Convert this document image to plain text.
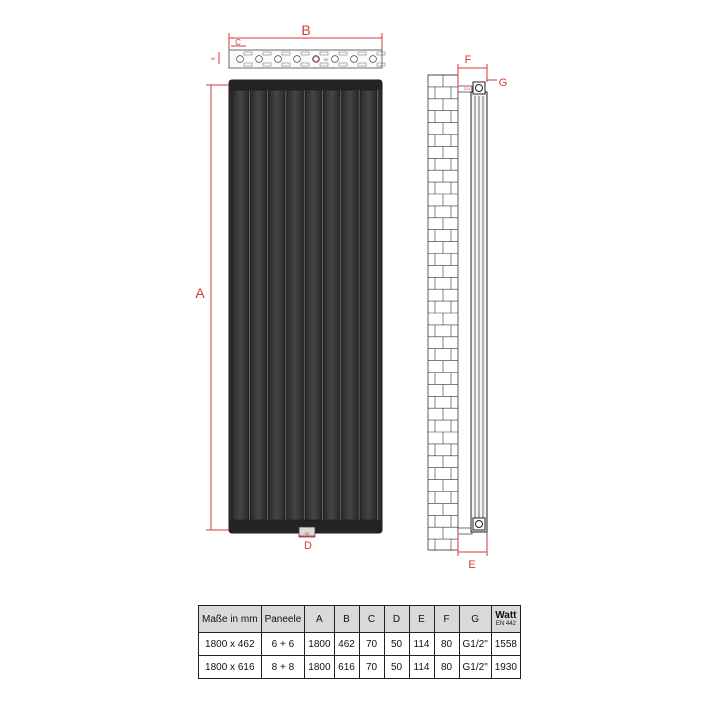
B
C
50	50
A
50
D
F
G
G1/2
E
Maße in mm	Paneele	A	B	C	D	E	F	G	Watt
EN 442

1800 x 462	6 + 6	1800	462	70	50	114	80	G1/2"	1558
1800 x 616	8 + 8	1800	616	70	50	114	80	G1/2"	1930
